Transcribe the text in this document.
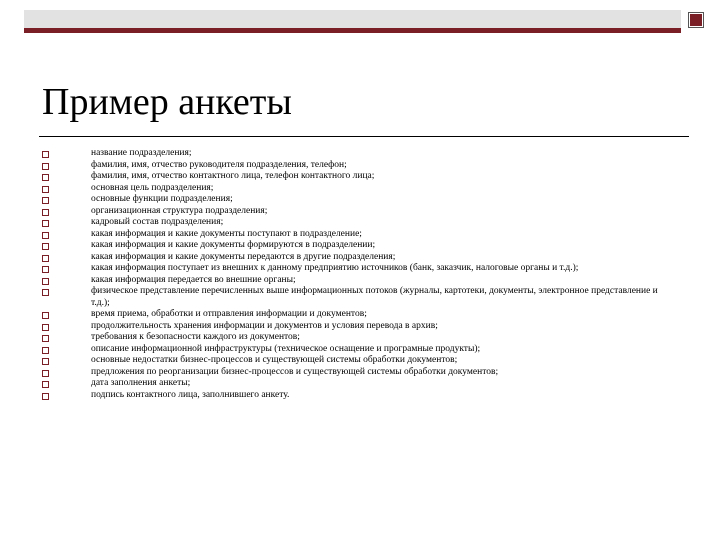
Пример анкеты
название подразделения;
фамилия, имя, отчество руководителя подразделения, телефон;
фамилия, имя, отчество контактного лица, телефон контактного лица;
основная цель подразделения;
основные функции подразделения;
организационная структура подразделения;
кадровый состав подразделения;
какая информация и какие документы поступают в подразделение;
какая информация и какие документы формируются в подразделении;
какая информация и какие документы передаются в другие подразделения;
какая информация поступает из внешних к данному предприятию источников (банк, заказчик, налоговые органы и т.д.);
какая информация передается во внешние органы;
физическое представление перечисленных выше информационных потоков (журналы, картотеки, документы, электронное представление и т.д.);
время приема, обработки и отправления информации и документов;
продолжительность хранения информации и документов и условия перевода в архив;
требования к безопасности каждого из документов;
описание информационной инфраструктуры (техническое оснащение и програмные продукты);
основные недостатки бизнес-процессов и существующей системы обработки документов;
предложения по реорганизации бизнес-процессов и существующей системы обработки документов;
дата заполнения анкеты;
подпись контактного лица, заполнившего анкету.
